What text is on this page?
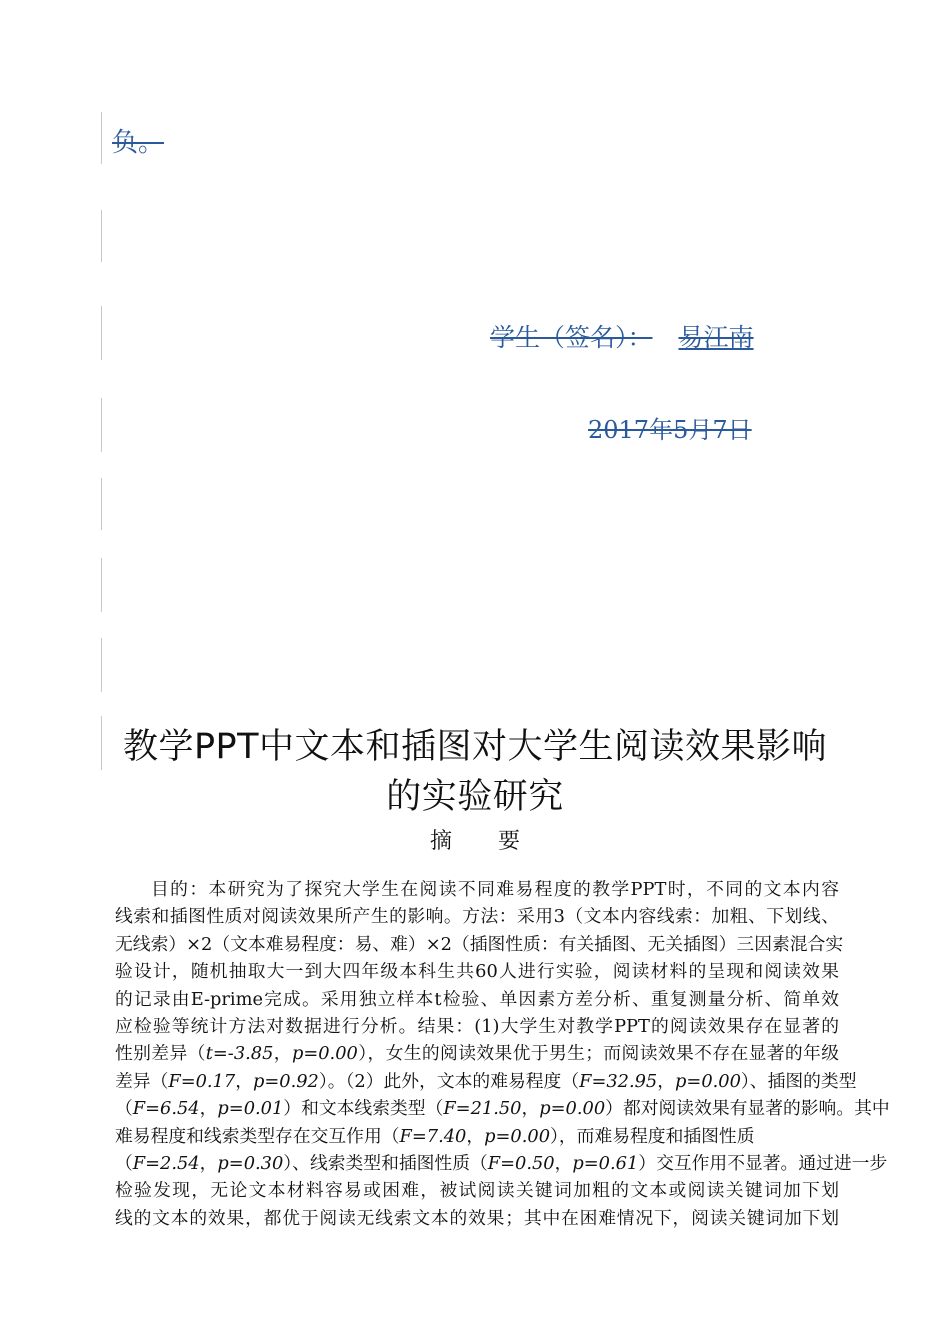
负。
学生（签名）： 易江南
2017年5月7日
教学PPT中文本和插图对大学生阅读效果影响的实验研究
摘要
目的：本研究为了探究大学生在阅读不同难易程度的教学PPT时，不同的文本内容
线索和插图性质对阅读效果所产生的影响。方法：采用3（文本内容线索：加粗、下划线、
无线索）×2（文本难易程度：易、难）×2（插图性质：有关插图、无关插图）三因素混合实
验设计，随机抽取大一到大四年级本科生共60人进行实验，阅读材料的呈现和阅读效果
的记录由E-prime完成。采用独立样本t检验、单因素方差分析、重复测量分析、简单效
应检验等统计方法对数据进行分析。结果：(1)大学生对教学PPT的阅读效果存在显著的
性别差异（t=-3.85，p=0.00），女生的阅读效果优于男生；而阅读效果不存在显著的年级
差异（F=0.17，p=0.92）。（2）此外，文本的难易程度（F=32.95，p=0.00）、插图的类型
（F=6.54，p=0.01）和文本线索类型（F=21.50，p=0.00）都对阅读效果有显著的影响。其中
难易程度和线索类型存在交互作用（F=7.40，p=0.00），而难易程度和插图性质
（F=2.54，p=0.30）、线索类型和插图性质（F=0.50，p=0.61）交互作用不显著。通过进一步
检验发现，无论文本材料容易或困难，被试阅读关键词加粗的文本或阅读关键词加下划
线的文本的效果，都优于阅读无线索文本的效果；其中在困难情况下，阅读关键词加下划
